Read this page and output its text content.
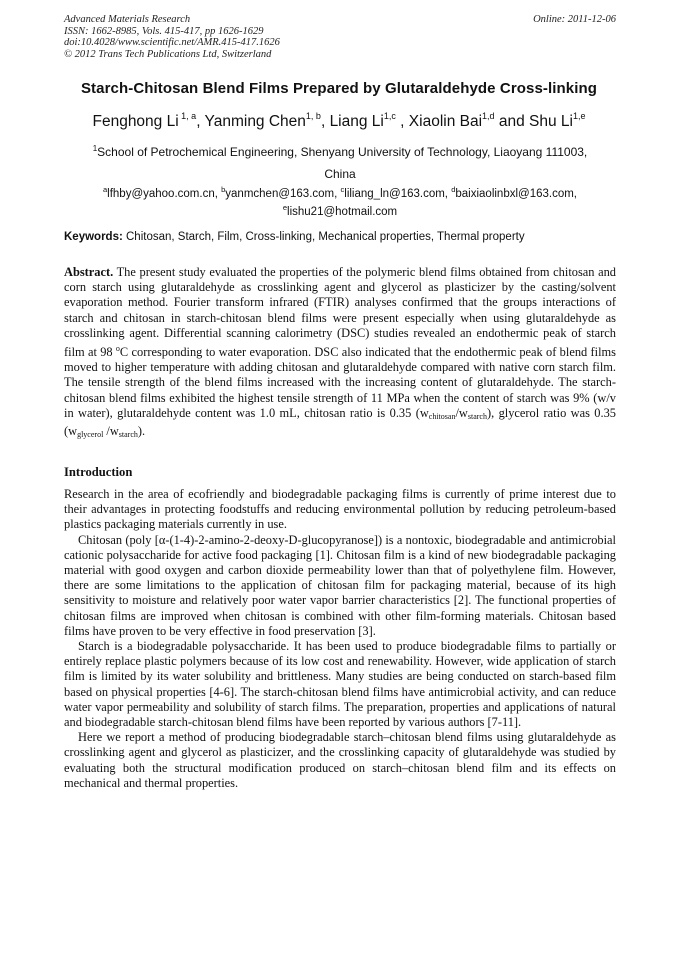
Advanced Materials Research
ISSN: 1662-8985, Vols. 415-417, pp 1626-1629
doi:10.4028/www.scientific.net/AMR.415-417.1626
© 2012 Trans Tech Publications Ltd, Switzerland
Online: 2011-12-06
Starch-Chitosan Blend Films Prepared by Glutaraldehyde Cross-linking
Fenghong Li $^{1, a}$, Yanming Chen$^{1, b}$, Liang Li$^{1,c}$ , Xiaolin Bai$^{1,d}$ and Shu Li$^{1,e}$
$^1$School of Petrochemical Engineering, Shenyang University of Technology, Liaoyang 111003,
China
$^a$lfhby@yahoo.com.cn, $^b$yanmchen@163.com, $^c$liliang_ln@163.com, $^d$baixiaolinbxl@163.com,
$^e$lishu21@hotmail.com
Keywords: Chitosan, Starch, Film, Cross-linking, Mechanical properties, Thermal property
Abstract. The present study evaluated the properties of the polymeric blend films obtained from chitosan and corn starch using glutaraldehyde as crosslinking agent and glycerol as plasticizer by the casting/solvent evaporation method. Fourier transform infrared (FTIR) analyses confirmed that the groups interactions of starch and chitosan in starch-chitosan blend films were present especially when using glutaraldehyde as crosslinking agent. Differential scanning calorimetry (DSC) studies revealed an endothermic peak of starch film at 98 $^o$C corresponding to water evaporation. DSC also indicated that the endothermic peak of blend films moved to higher temperature with adding chitosan and glutaraldehyde compared with native corn starch film. The tensile strength of the blend films increased with the increasing content of glutaraldehyde. The starch-chitosan blend films exhibited the highest tensile strength of 11 MPa when the content of starch was 9% (w/v in water), glutaraldehyde content was 1.0 mL, chitosan ratio is 0.35 $(w_{chitosan}/w_{starch})$, glycerol ratio was 0.35 ($w_{glycerol}$ $/w_{starch}$).
Introduction

Research in the area of ecofriendly and biodegradable packaging films is currently of prime interest due to their advantages in protecting foodstuffs and reducing environmental pollution by reducing petroleum-based plastics packaging materials currently in use.

Chitosan (poly [α-(1-4)-2-amino-2-deoxy-D-glucopyranose]) is a nontoxic, biodegradable and antimicrobial cationic polysaccharide for active food packaging [1]. Chitosan film is a kind of new biodegradable packaging material with good oxygen and carbon dioxide permeability lower than that of polyethylene film. However, there are some limitations to the application of chitosan film for packaging material, because of its high sensitivity to moisture and relatively poor water vapor barrier characteristics [2]. The functional properties of chitosan films are improved when chitosan is combined with other film-forming materials. Chitosan based films have proven to be very effective in food preservation [3].

Starch is a biodegradable polysaccharide. It has been used to produce biodegradable films to partially or entirely replace plastic polymers because of its low cost and renewability. However, wide application of starch film is limited by its water solubility and brittleness. Many studies are being conducted on starch-based film based on physical properties [4-6]. The starch-chitosan blend films have antimicrobial activity, and can reduce water vapor permeability and solubility of starch films. The preparation, properties and applications of natural and biodegradable starch-chitosan blend films have been reported by various authors [7-11].

Here we report a method of producing biodegradable starch–chitosan blend films using glutaraldehyde as crosslinking agent and glycerol as plasticizer, and the crosslinking capacity of glutaraldehyde was studied by evaluating both the structural modification produced on starch–chitosan blend film and its effects on mechanical and thermal properties.
